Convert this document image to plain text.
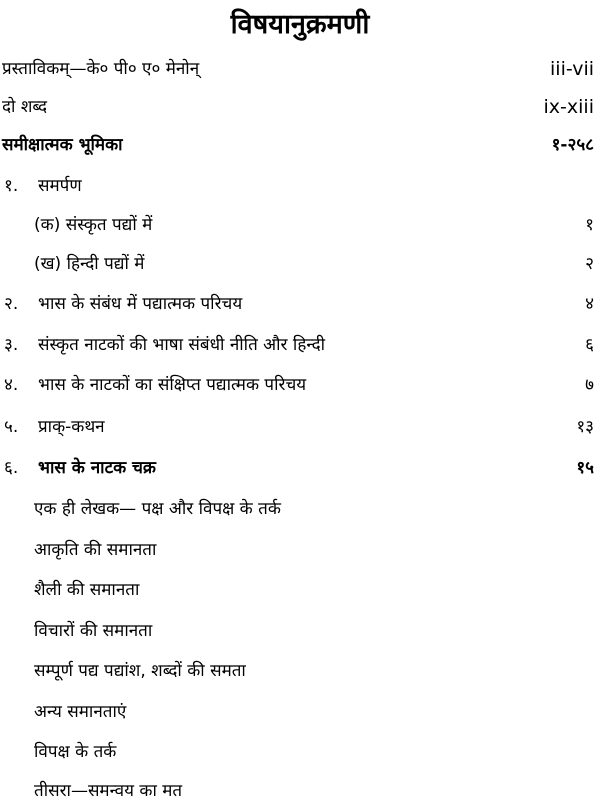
विषयानुक्रमणी
प्रस्ताविकम्—के० पी० ए० मेनोन्	iii-vii
दो शब्द	ix-xiii
समीक्षात्मक भूमिका	१-२५८
१. समर्पण
(क) संस्कृत पद्यों में	१
(ख) हिन्दी पद्यों में	२
२. भास के संबंध में पद्यात्मक परिचय	४
३. संस्कृत नाटकों की भाषा संबंधी नीति और हिन्दी	६
४. भास के नाटकों का संक्षिप्त पद्यात्मक परिचय	७
५. प्राक्-कथन	१३
६. भास के नाटक चक्र	१५
एक ही लेखक— पक्ष और विपक्ष के तर्क
आकृति की समानता
शैली की समानता
विचारों की समानता
सम्पूर्ण पद्य पद्यांश, शब्दों की समता
अन्य समानताएं
विपक्ष के तर्क
तीसरा—समन्वय का मत
